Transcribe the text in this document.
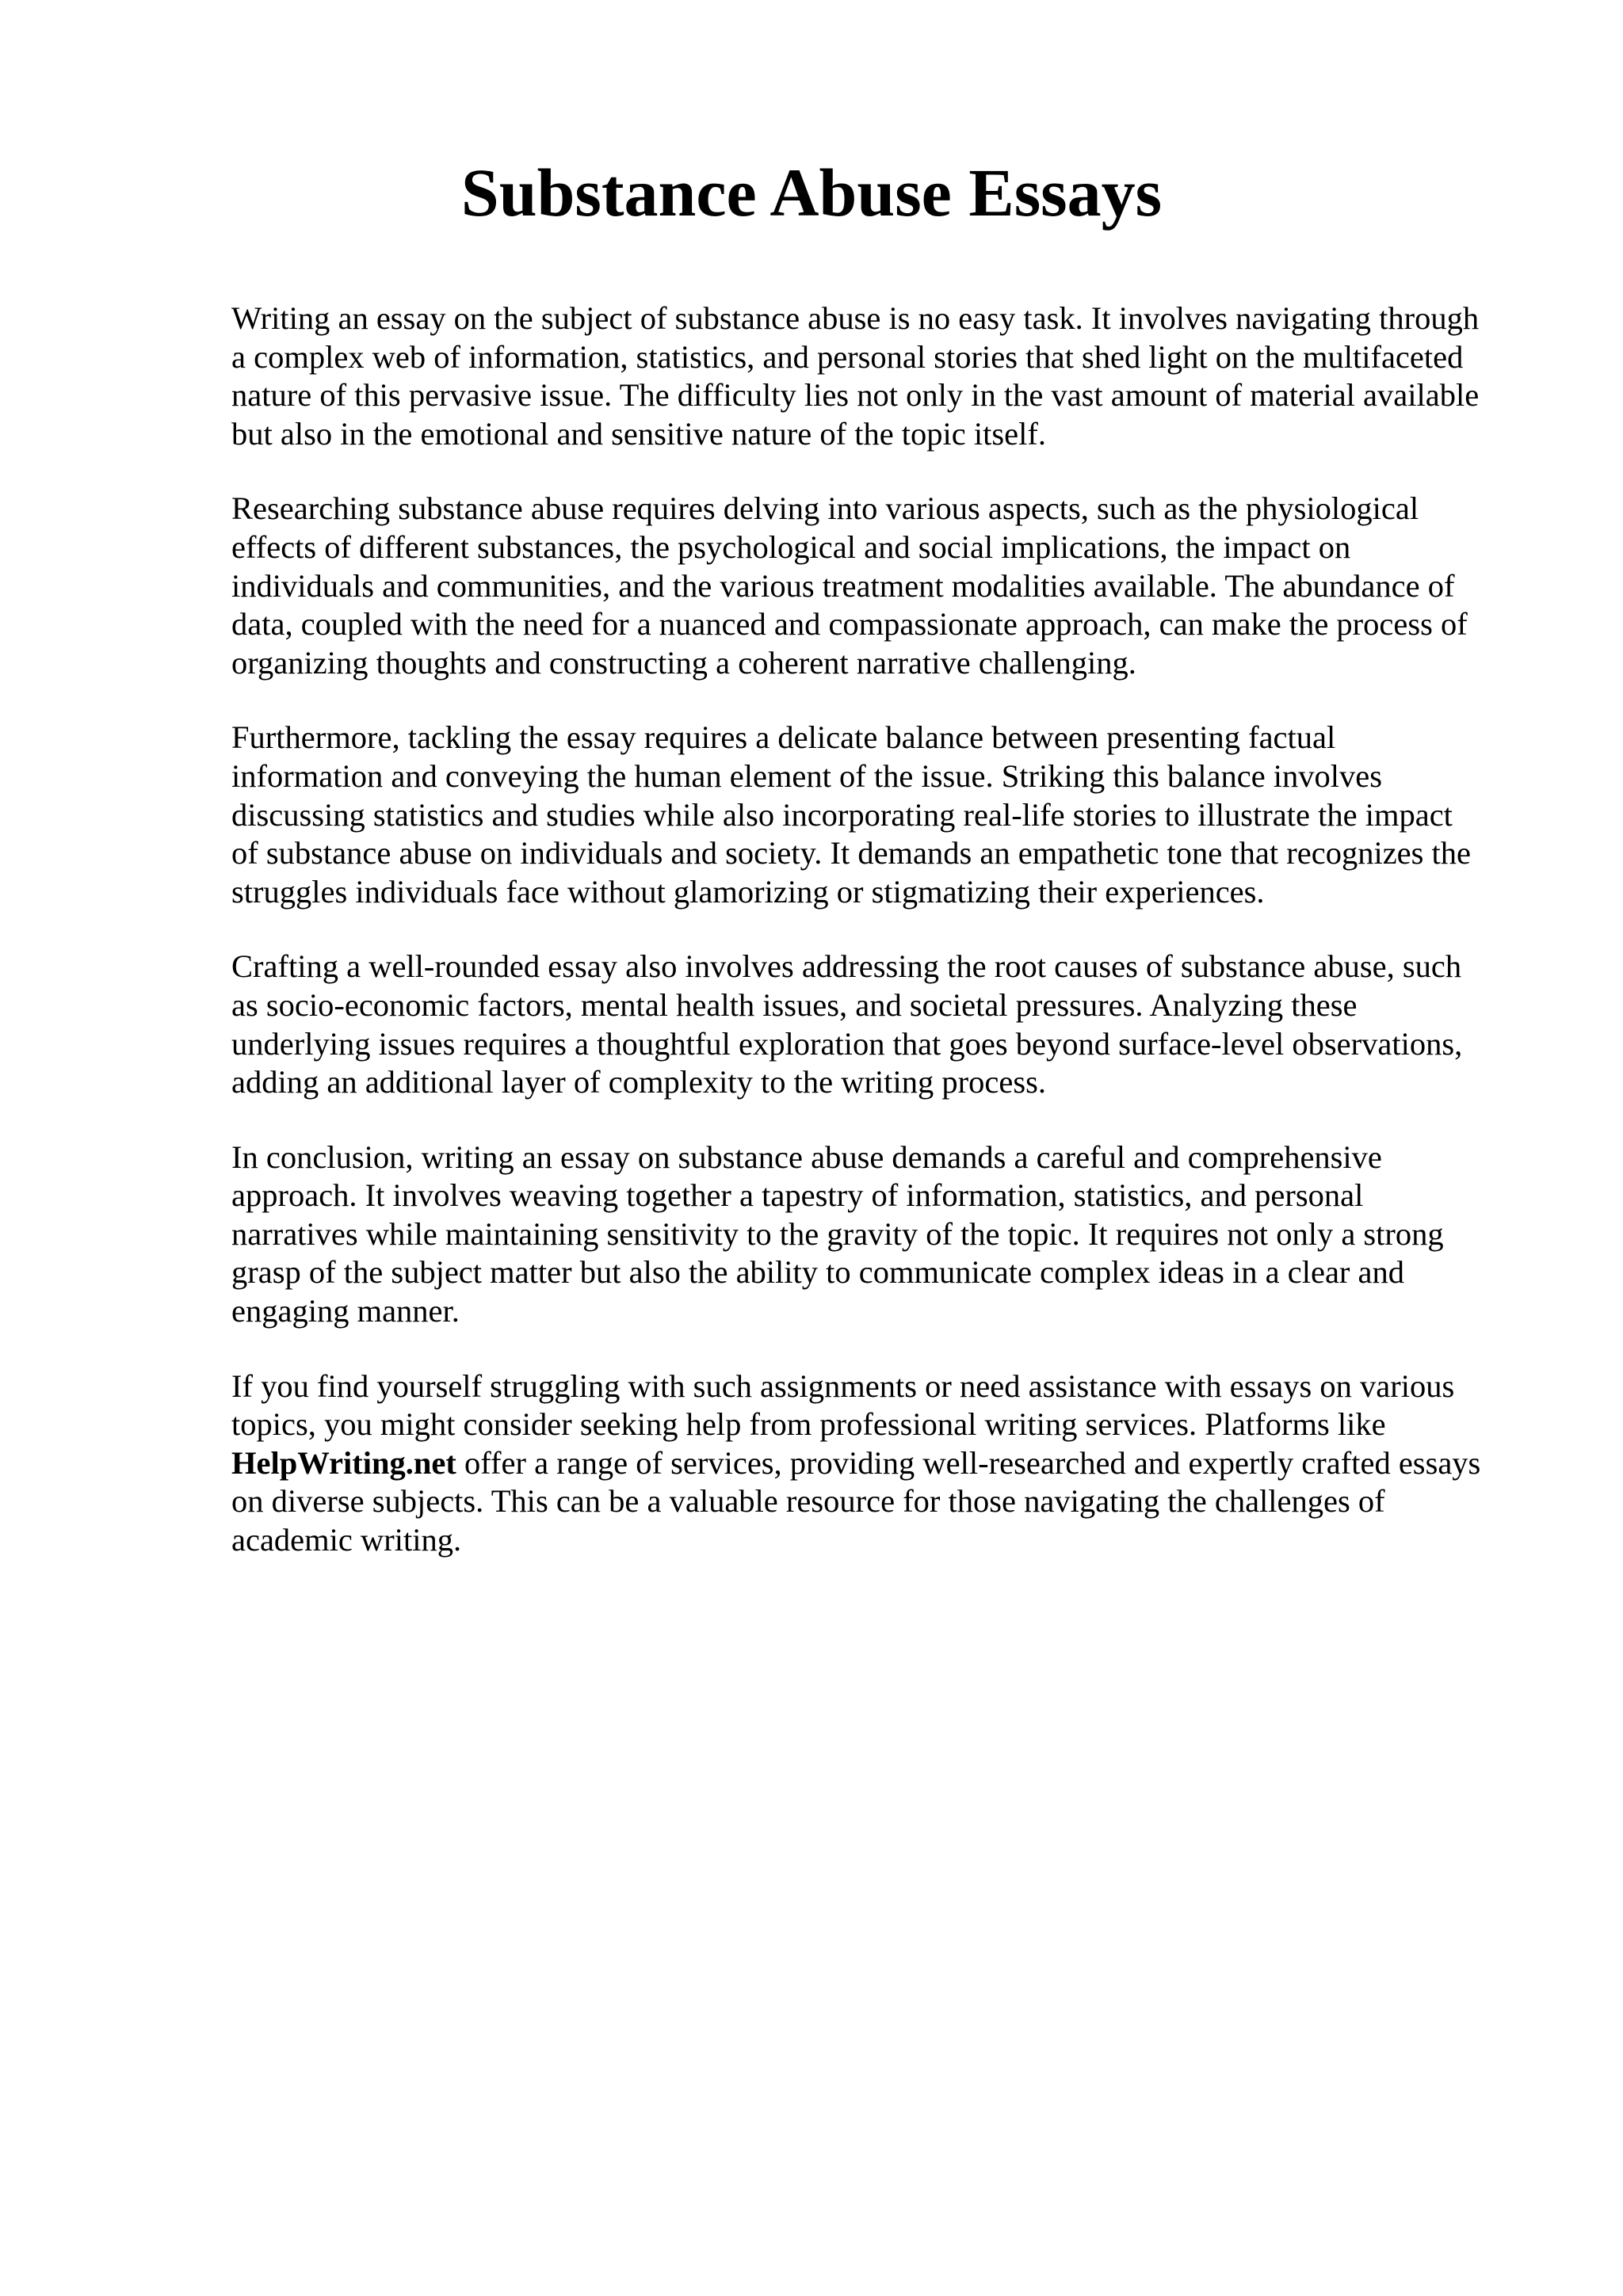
Substance Abuse Essays

Writing an essay on the subject of substance abuse is no easy task. It involves navigating through
a complex web of information, statistics, and personal stories that shed light on the multifaceted
nature of this pervasive issue. The difficulty lies not only in the vast amount of material available
but also in the emotional and sensitive nature of the topic itself.

Researching substance abuse requires delving into various aspects, such as the physiological
effects of different substances, the psychological and social implications, the impact on
individuals and communities, and the various treatment modalities available. The abundance of
data, coupled with the need for a nuanced and compassionate approach, can make the process of
organizing thoughts and constructing a coherent narrative challenging.

Furthermore, tackling the essay requires a delicate balance between presenting factual
information and conveying the human element of the issue. Striking this balance involves
discussing statistics and studies while also incorporating real-life stories to illustrate the impact
of substance abuse on individuals and society. It demands an empathetic tone that recognizes the
struggles individuals face without glamorizing or stigmatizing their experiences.

Crafting a well-rounded essay also involves addressing the root causes of substance abuse, such
as socio-economic factors, mental health issues, and societal pressures. Analyzing these
underlying issues requires a thoughtful exploration that goes beyond surface-level observations,
adding an additional layer of complexity to the writing process.

In conclusion, writing an essay on substance abuse demands a careful and comprehensive
approach. It involves weaving together a tapestry of information, statistics, and personal
narratives while maintaining sensitivity to the gravity of the topic. It requires not only a strong
grasp of the subject matter but also the ability to communicate complex ideas in a clear and
engaging manner.

If you find yourself struggling with such assignments or need assistance with essays on various
topics, you might consider seeking help from professional writing services. Platforms like
HelpWriting.net offer a range of services, providing well-researched and expertly crafted essays
on diverse subjects. This can be a valuable resource for those navigating the challenges of
academic writing.
